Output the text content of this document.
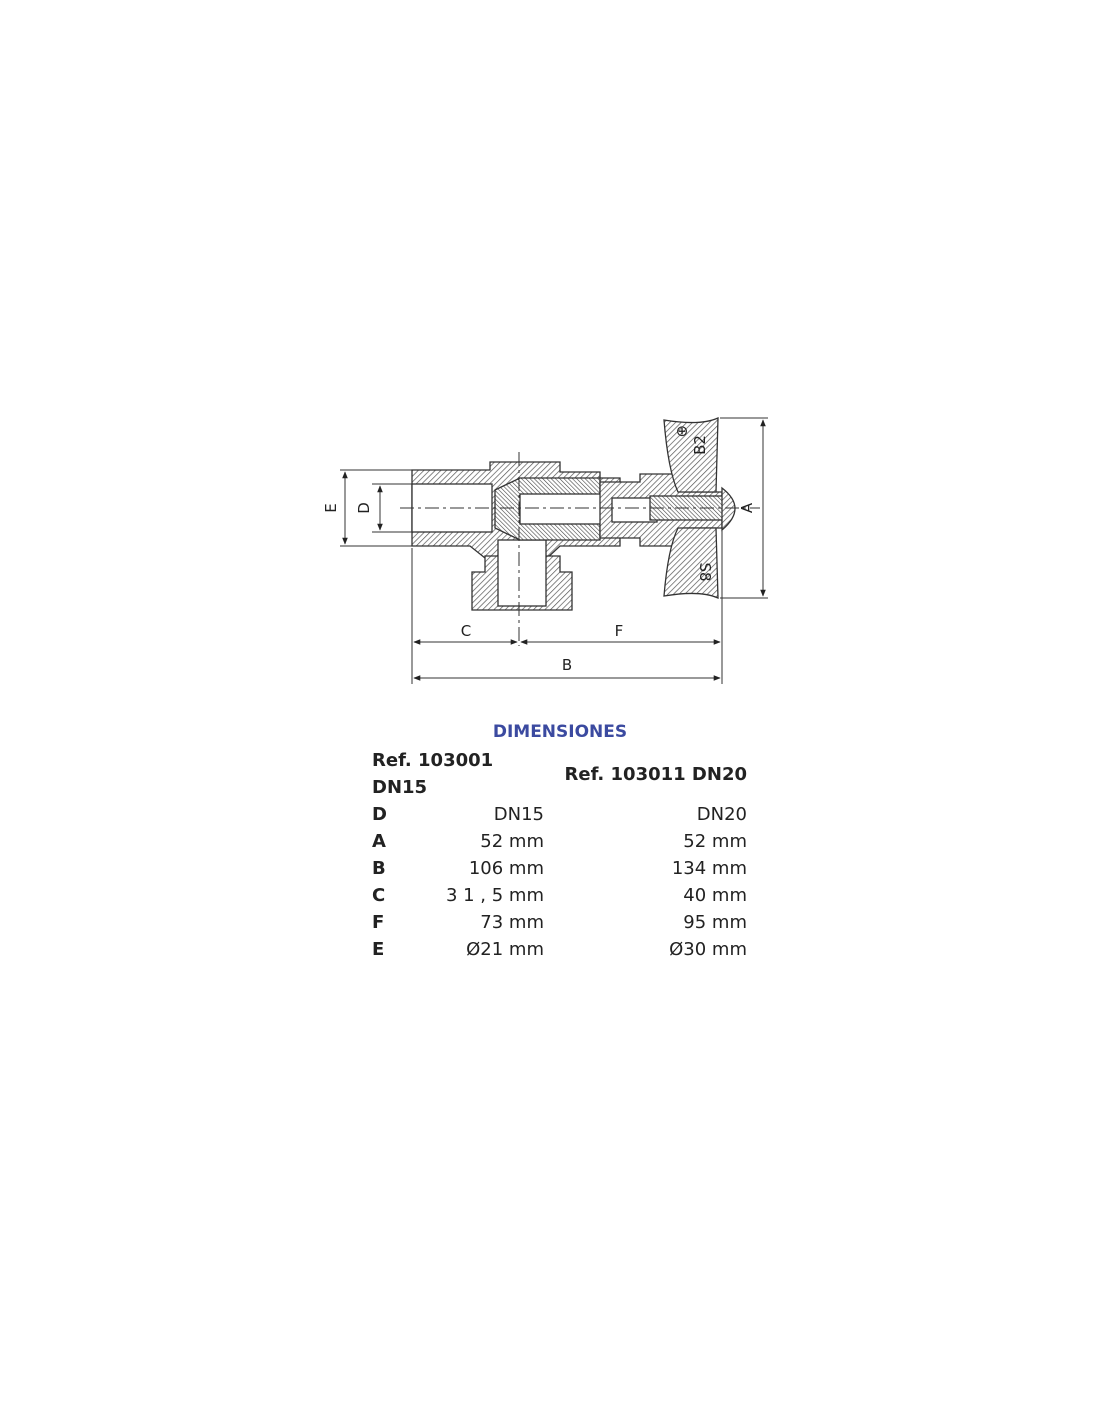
E D	A
C	F
B
B2
S8
⊕
DIMENSIONES
Ref. 103001 DN15		Ref. 103011 DN20
D	DN15	DN20
A	52 mm	52 mm
B	106 mm	134 mm
C	3 1 , 5 mm	40 mm
F	73 mm	95 mm
E	Ø21 mm	Ø30 mm
